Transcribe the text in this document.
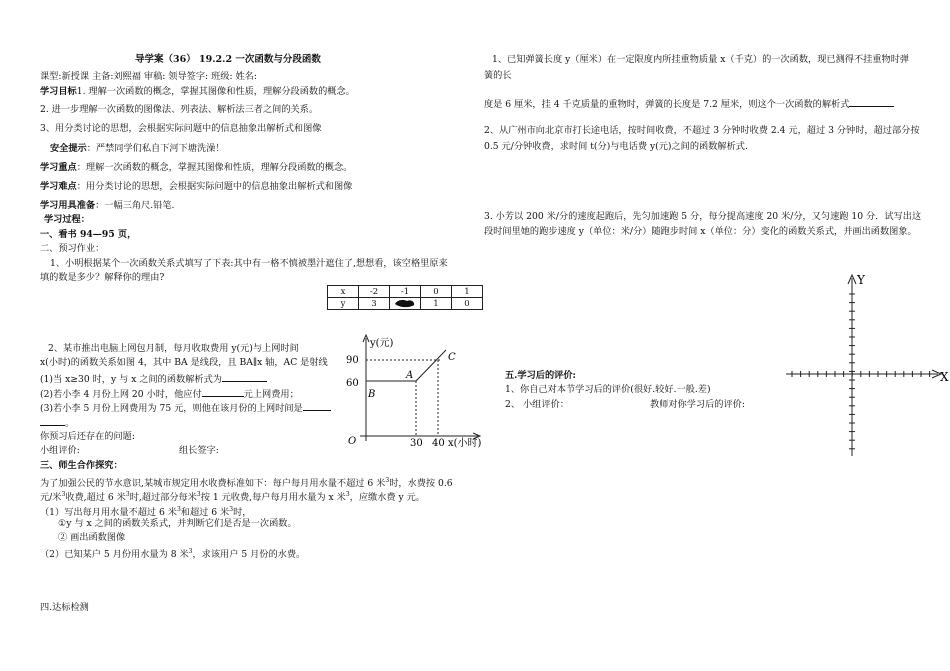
导学案（36） 19.2.2 一次函数与分段函数
课型:新授课 主备:刘熙福 审稿: 领导签字: 班级: 姓名:
学习目标1. 理解一次函数的概念，掌握其图像和性质，理解分段函数的概念。
2. 进一步理解一次函数的图像法、列表法、解析法三者之间的关系。
3、用分类讨论的思想，会根据实际问题中的信息抽象出解析式和图像
安全提示：严禁同学们私自下河下塘洗澡！
学习重点：理解一次函数的概念，掌握其图像和性质，理解分段函数的概念。
学习难点：用分类讨论的思想，会根据实际问题中的信息抽象出解析式和图像
学习用具准备：一幅三角尺.铅笔.
学习过程：
一、看书 94—95 页，
二、预习作业：
1、小明根据某个一次函数关系式填写了下表:其中有一格不慎被墨汁遮住了,想想看，该空格里原来
填的数是多少？解释你的理由?
x	-2	-1	0	1
y	3		1	0
2、某市推出电脑上网包月制，每月收取费用 y(元)与上网时间
x(小时)的函数关系如图 4，其中 BA 是线段，且 BA∥x 轴，AC 是射线
(1)当 x≥30 时，y 与 x 之间的函数解析式为
(2)若小李 4 月份上网 20 小时，他应付	元上网费用；
(3)若小李 5 月份上网费用为 75 元，则他在该月份的上网时间是
。
你预习后还存在的问题:
小组评价:	组长签字:
三、师生合作探究：
为了加强公民的节水意识,某城市规定用水收费标准如下：每户每月用水量不超过 6 米$^3$时，水费按 0.6
元/米$^3$收费,超过 6 米$^3$时,超过部分每米$^3$按 1 元收费,每户每月用水量为 x 米$^3$，应缴水费 y 元。
（1）写出每月用水量不超过 6 米$^3$和超过 6 米$^3$时，
①y 与 x 之间的函数关系式，并判断它们是否是一次函数。
② 画出函数图像
（2）已知某户 5 月份用水量为 8 米$^3$，求该用户 5 月份的水费。
四.达标检测
y(元)
90
60
C
A
B
O	30 40 x(小时)
1、已知弹簧长度 y（厘米）在一定限度内所挂重物质量 x（千克）的一次函数，现已测得不挂重物时弹
簧的长
度是 6 厘米，挂 4 千克质量的重物时，弹簧的长度是 7.2 厘米，则这个一次函数的解析式
2、从广州市向北京市打长途电话，按时间收费，不超过 3 分钟时收费 2.4 元，超过 3 分钟时，超过部分按
0.5 元/分钟收费，求时间 t(分)与电话费 y(元)之间的函数解析式.
3. 小芳以 200 米/分的速度起跑后，先匀加速跑 5 分，每分提高速度 20 米/分，又匀速跑 10 分．试写出这
段时间里她的跑步速度 y（单位：米/分）随跑步时间 x（单位：分）变化的函数关系式，并画出函数图象。
五.学习后的评价:
1、你自己对本节学习后的评价(很好.较好.一般.差)
2、 小组评价：	教师对你学习后的评价:
Y
X
